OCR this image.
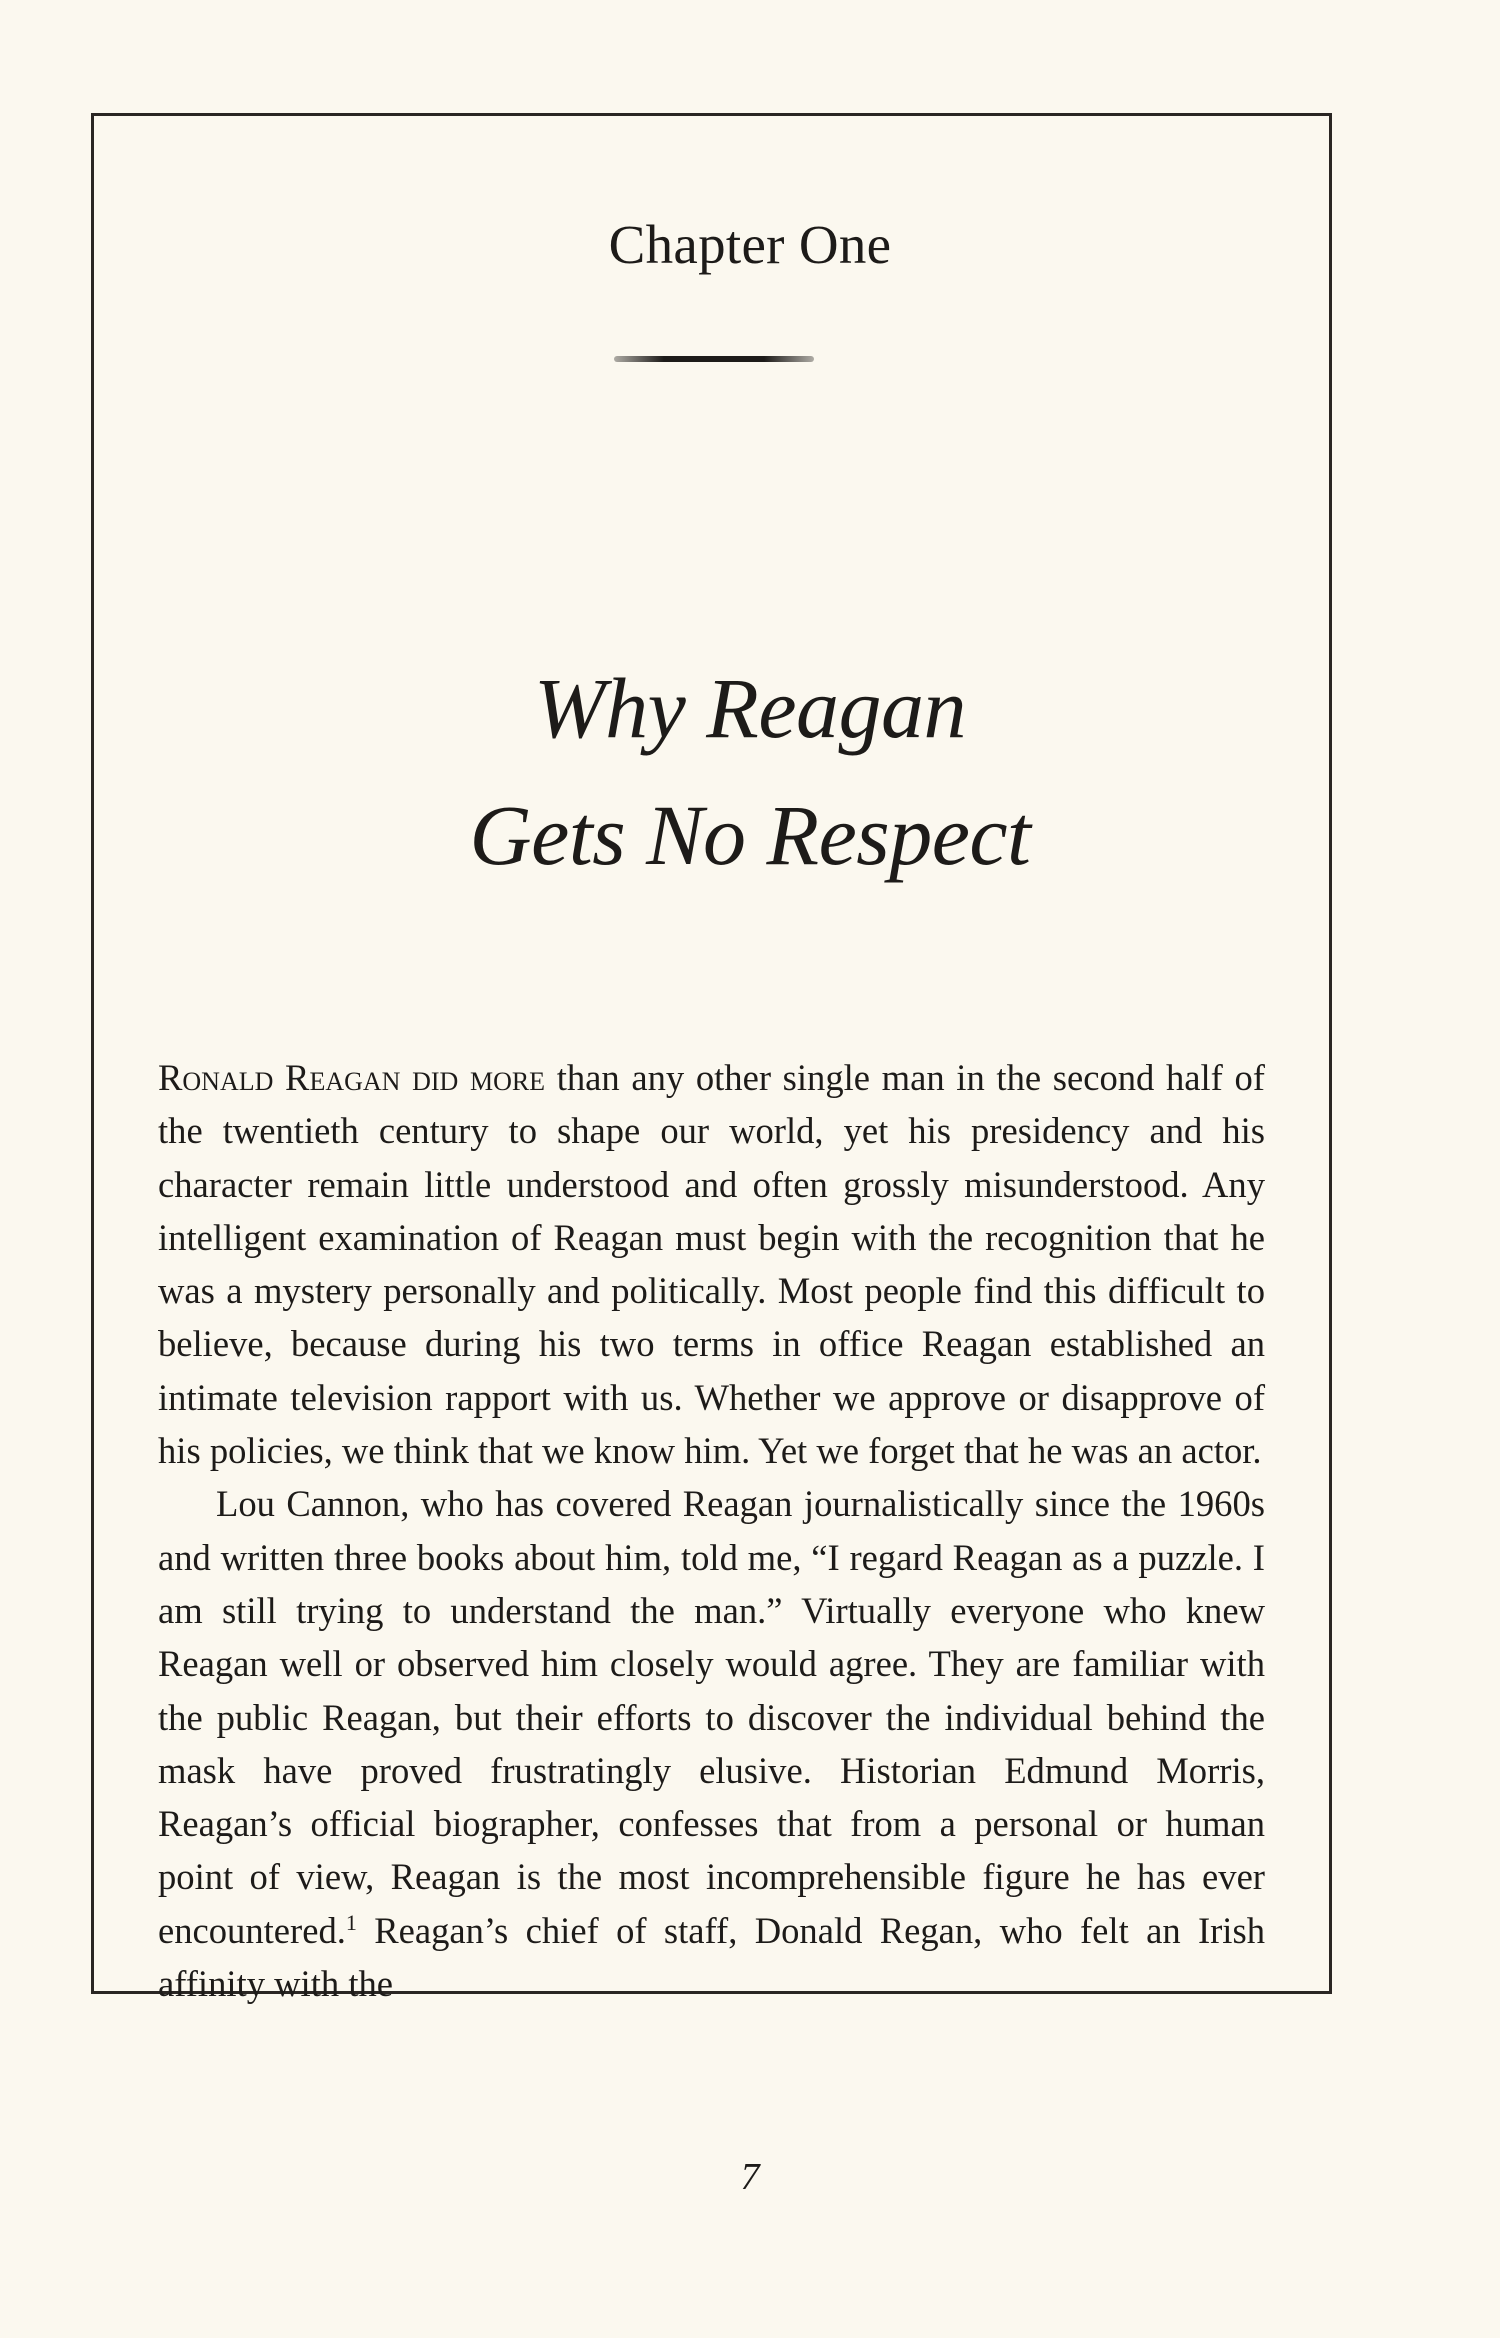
Chapter One
Why Reagan
Gets No Respect

Ronald Reagan did more than any other single man in the second half of the twentieth century to shape our world, yet his presidency and his character remain little understood and often grossly misunderstood. Any intelligent examination of Reagan must begin with the recognition that he was a mystery personally and politically. Most people find this difficult to believe, because during his two terms in office Reagan established an intimate television rapport with us. Whether we approve or disapprove of his policies, we think that we know him. Yet we forget that he was an actor.

Lou Cannon, who has covered Reagan journalistically since the 1960s and written three books about him, told me, “I regard Reagan as a puzzle. I am still trying to understand the man.” Virtually everyone who knew Reagan well or observed him closely would agree. They are familiar with the public Reagan, but their efforts to discover the individual behind the mask have proved frustratingly elusive. Historian Edmund Morris, Reagan’s official biographer, confesses that from a personal or human point of view, Reagan is the most incomprehensible figure he has ever encountered.$^1$ Reagan’s chief of staff, Donald Regan, who felt an Irish affinity with the

7
